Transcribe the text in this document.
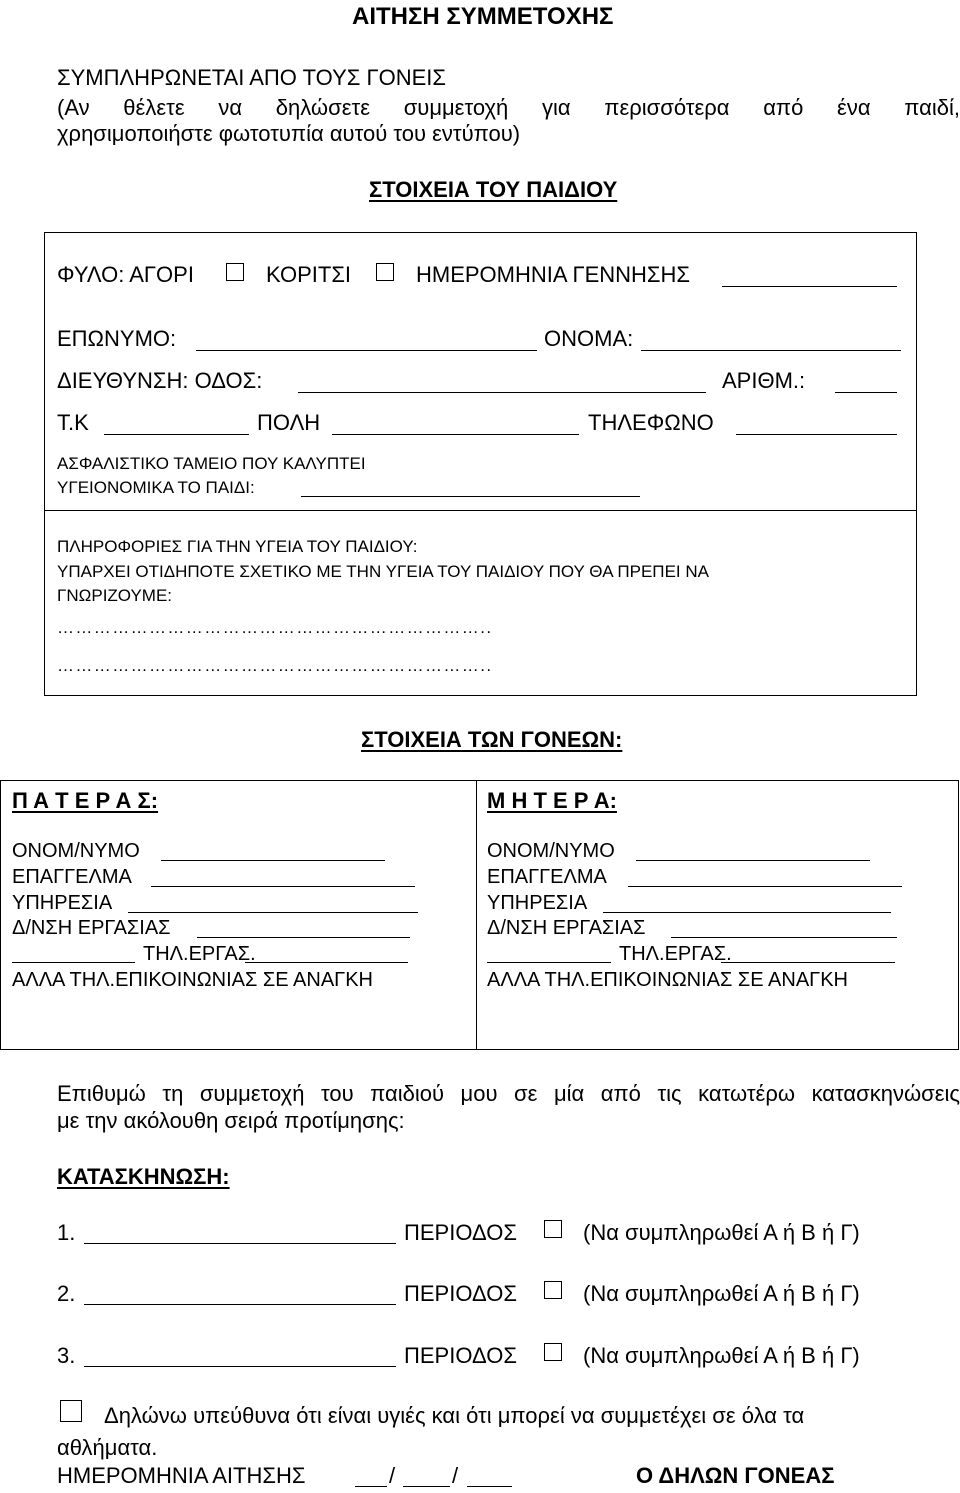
ΑΙΤΗΣΗ ΣΥΜΜΕΤΟΧΗΣ
ΣΥΜΠΛΗΡΩΝΕΤΑΙ ΑΠΟ ΤΟΥΣ ΓΟΝΕΙΣ
(Αν θέλετε να δηλώσετε συμμετοχή για περισσότερα από ένα παιδί,
χρησιμοποιήστε φωτοτυπία αυτού του εντύπου)
ΣΤΟΙΧΕΙΑ ΤΟΥ ΠΑΙΔΙΟΥ
ΦΥΛΟ: ΑΓΟΡΙ	ΚΟΡΙΤΣΙ	ΗΜΕΡΟΜΗΝΙΑ ΓΕΝΝΗΣΗΣ
ΕΠΩΝΥΜΟ:	ΟΝΟΜΑ:
ΔΙΕΥΘΥΝΣΗ: ΟΔΟΣ:	ΑΡΙΘΜ.:
Τ.Κ	ΠΟΛΗ	ΤΗΛΕΦΩΝΟ
ΑΣΦΑΛΙΣΤΙΚΟ ΤΑΜΕΙΟ ΠΟΥ ΚΑΛΥΠΤΕΙ
ΥΓΕΙΟΝΟΜΙΚΑ ΤΟ ΠΑΙΔΙ:
ΠΛΗΡΟΦΟΡΙΕΣ ΓΙΑ ΤΗΝ ΥΓΕΙΑ ΤΟΥ ΠΑΙΔΙΟΥ:
ΥΠΑΡΧΕΙ ΟΤΙΔΗΠΟΤΕ ΣΧΕΤΙΚΟ ΜΕ ΤΗΝ ΥΓΕΙΑ ΤΟΥ ΠΑΙΔΙΟΥ ΠΟΥ ΘΑ ΠΡΕΠΕΙ ΝΑ
ΓΝΩΡΙΖΟΥΜΕ:
……………………………………………………………..
……………………………………………………………..
ΣΤΟΙΧΕΙΑ ΤΩΝ ΓΟΝΕΩΝ:
Π Α Τ Ε Ρ Α Σ:
ΟΝΟΜ/ΝΥΜΟ
ΕΠΑΓΓΕΛΜΑ
ΥΠΗΡΕΣΙΑ
Δ/ΝΣΗ ΕΡΓΑΣΙΑΣ
ΤΗΛ.ΕΡΓΑΣ.
ΑΛΛΑ ΤΗΛ.ΕΠΙΚΟΙΝΩΝΙΑΣ ΣΕ ΑΝΑΓΚΗ
Μ Η Τ Ε Ρ Α:
ΟΝΟΜ/ΝΥΜΟ
ΕΠΑΓΓΕΛΜΑ
ΥΠΗΡΕΣΙΑ
Δ/ΝΣΗ ΕΡΓΑΣΙΑΣ
ΤΗΛ.ΕΡΓΑΣ.
ΑΛΛΑ ΤΗΛ.ΕΠΙΚΟΙΝΩΝΙΑΣ ΣΕ ΑΝΑΓΚΗ
Επιθυμώ τη συμμετοχή του παιδιού μου σε μία από τις κατωτέρω κατασκηνώσεις
με την ακόλουθη σειρά προτίμησης:
ΚΑΤΑΣΚΗΝΩΣΗ:
1.	ΠΕΡΙΟΔΟΣ	(Να συμπληρωθεί Α ή Β ή Γ)
2.	ΠΕΡΙΟΔΟΣ	(Να συμπληρωθεί Α ή Β ή Γ)
3.	ΠΕΡΙΟΔΟΣ	(Να συμπληρωθεί Α ή Β ή Γ)
Δηλώνω υπεύθυνα ότι είναι υγιές και ότι μπορεί να συμμετέχει σε όλα τα
αθλήματα.
ΗΜΕΡΟΜΗΝΙΑ ΑΙΤΗΣΗΣ	/	/	Ο ΔΗΛΩΝ ΓΟΝΕΑΣ
